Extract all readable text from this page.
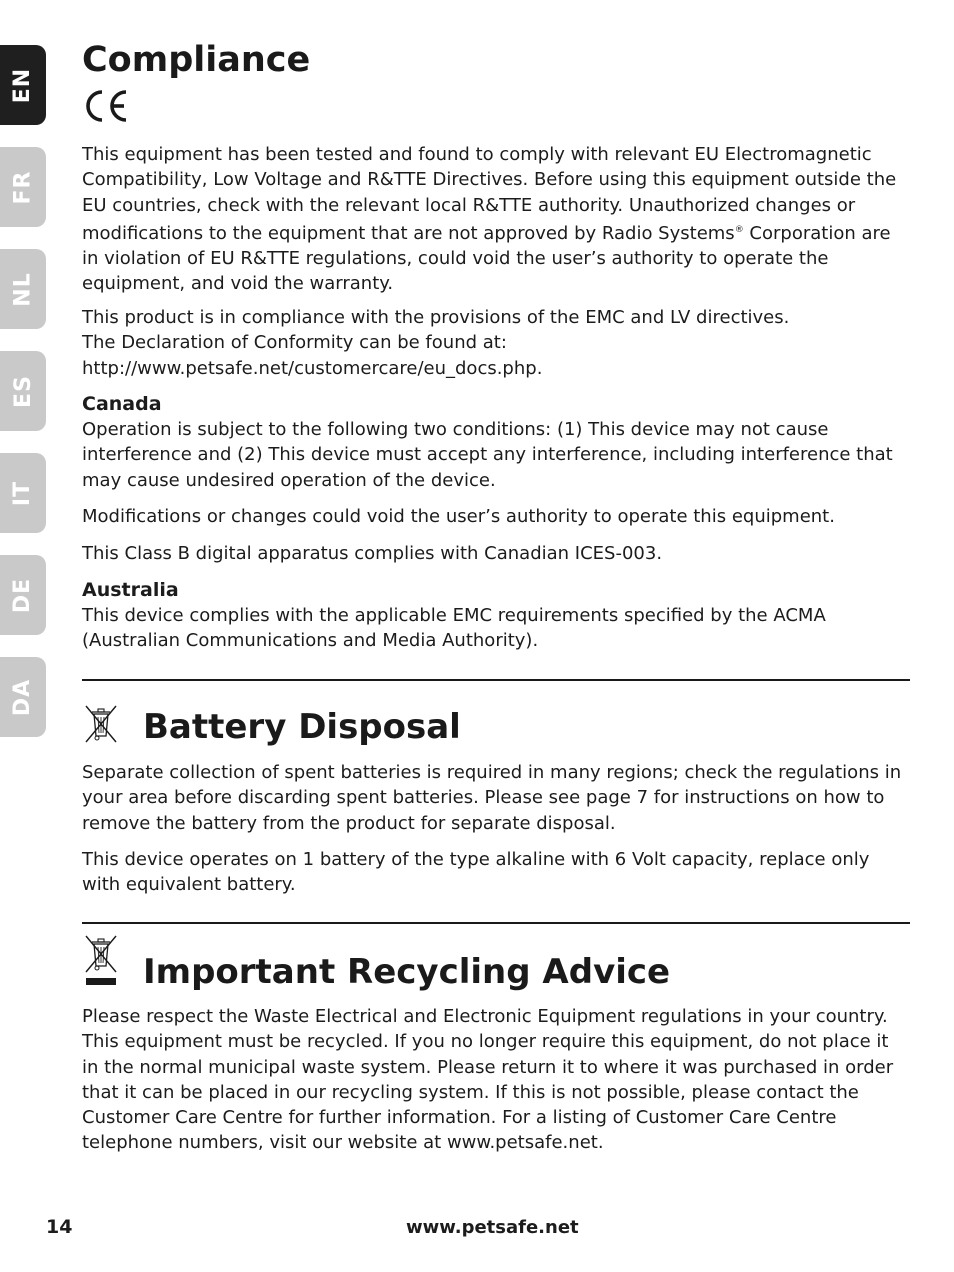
EN
FR
NL
ES
IT
DE
DA
Compliance
This equipment has been tested and found to comply with relevant EU Electromagnetic Compatibility, Low Voltage and R&TTE Directives. Before using this equipment outside the EU countries, check with the relevant local R&TTE authority. Unauthorized changes or modifications to the equipment that are not approved by Radio Systems® Corporation are in violation of EU R&TTE regulations, could void the user’s authority to operate the equipment, and void the warranty.
This product is in compliance with the provisions of the EMC and LV directives.
The Declaration of Conformity can be found at:
http://www.petsafe.net/customercare/eu_docs.php.
Canada
Operation is subject to the following two conditions: (1) This device may not cause interference and (2) This device must accept any interference, including interference that may cause undesired operation of the device.
Modifications or changes could void the user’s authority to operate this equipment.
This Class B digital apparatus complies with Canadian ICES-003.
Australia
This device complies with the applicable EMC requirements specified by the ACMA (Australian Communications and Media Authority).
Battery Disposal
Separate collection of spent batteries is required in many regions; check the regulations in your area before discarding spent batteries. Please see page 7 for instructions on how to remove the battery from the product for separate disposal.
This device operates on 1 battery of the type alkaline with 6 Volt capacity, replace only with equivalent battery.
Important Recycling Advice
Please respect the Waste Electrical and Electronic Equipment regulations in your country. This equipment must be recycled. If you no longer require this equipment, do not place it in the normal municipal waste system. Please return it to where it was purchased in order that it can be placed in our recycling system. If this is not possible, please contact the Customer Care Centre for further information. For a listing of Customer Care Centre telephone numbers, visit our website at www.petsafe.net.
14	www.petsafe.net
